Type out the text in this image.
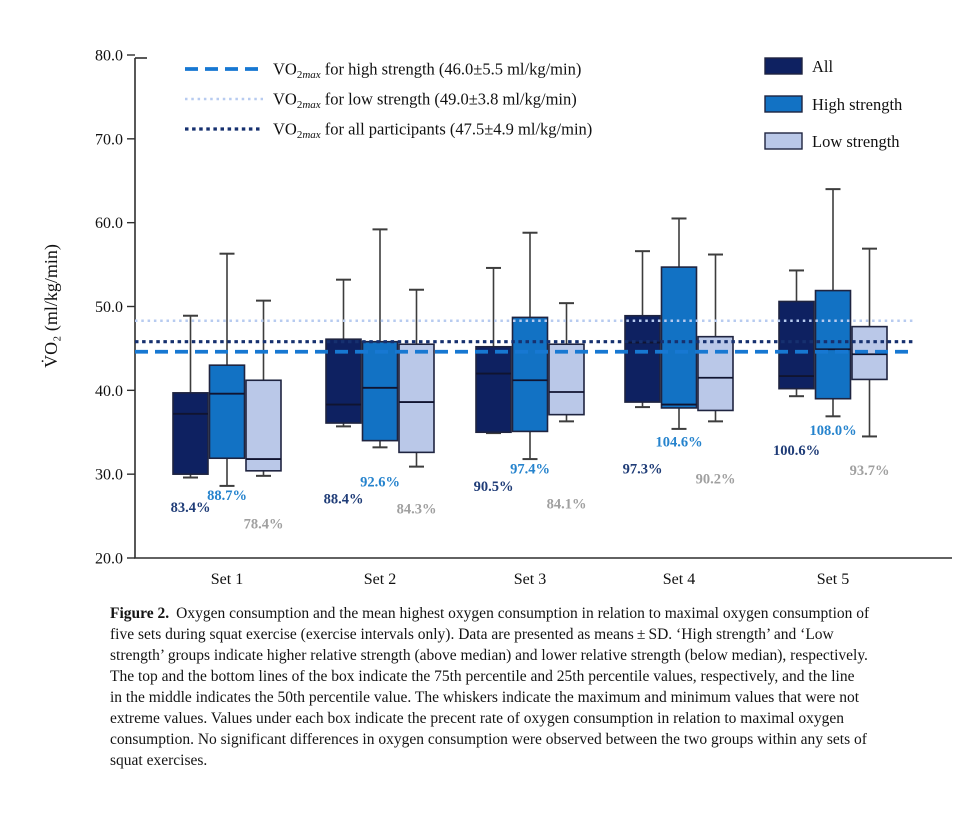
20.0
30.0
40.0
50.0
60.0
70.0
80.0
V̇O₂ (ml/kg/min)
Set 1	Set 2	Set 3	Set 4	Set 5
83.4%
88.4%
90.5%
97.3%
100.6%
88.7%
92.6%
97.4%
104.6%
108.0%
78.4%
84.3%	84.1%
90.2%
93.7%
$VO_2\max$ for high strength (46.0±5.5 ml/kg/min)
$VO_2\max$ for low strength (49.0±3.8 ml/kg/min)
$VO_2\max$ for all participants (47.5±4.9 ml/kg/min)
All
High strength
Low strength
Figure 2. Oxygen consumption and the mean highest oxygen consumption in relation to maximal oxygen consumption of five sets during squat exercise (exercise intervals only). Data are presented as means ± SD. ‘High strength’ and ‘Low strength’ groups indicate higher relative strength (above median) and lower relative strength (below median), respectively. The top and the bottom lines of the box indicate the 75th percentile and 25th percentile values, respectively, and the line in the middle indicates the 50th percentile value. The whiskers indicate the maximum and minimum values that were not extreme values. Values under each box indicate the precent rate of oxygen consumption in relation to maximal oxygen consumption. No significant differences in oxygen consumption were observed between the two groups within any sets of squat exercises.
